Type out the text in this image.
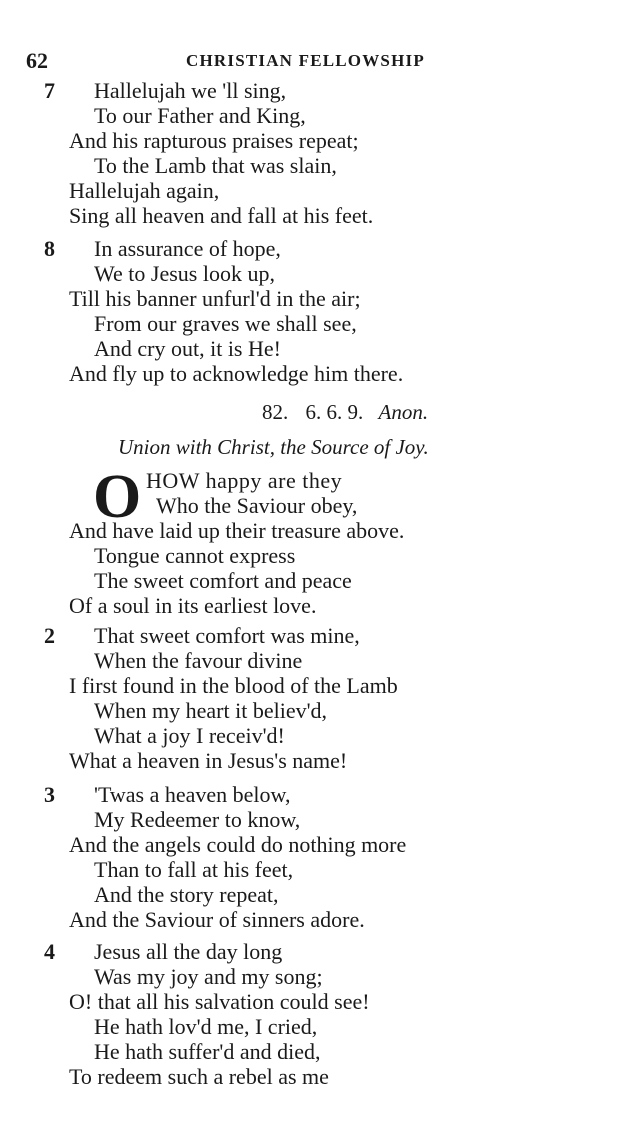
62	CHRISTIAN FELLOWSHIP
7 Hallelujah we 'll sing,
To our Father and King,
And his rapturous praises repeat;
To the Lamb that was slain,
Hallelujah again,
Sing all heaven and fall at his feet.
8 In assurance of hope,
We to Jesus look up,
Till his banner unfurl'd in the air;
From our graves we shall see,
And cry out, it is He!
And fly up to acknowledge him there.
82. 6. 6. 9. Anon.
Union with Christ, the Source of Joy.
O HOW happy are they
Who the Saviour obey,
And have laid up their treasure above.
Tongue cannot express
The sweet comfort and peace
Of a soul in its earliest love.
2 That sweet comfort was mine,
When the favour divine
I first found in the blood of the Lamb
When my heart it believ'd,
What a joy I receiv'd!
What a heaven in Jesus's name!
3 'Twas a heaven below,
My Redeemer to know,
And the angels could do nothing more
Than to fall at his feet,
And the story repeat,
And the Saviour of sinners adore.
4 Jesus all the day long
Was my joy and my song;
O! that all his salvation could see!
He hath lov'd me, I cried,
He hath suffer'd and died,
To redeem such a rebel as me
